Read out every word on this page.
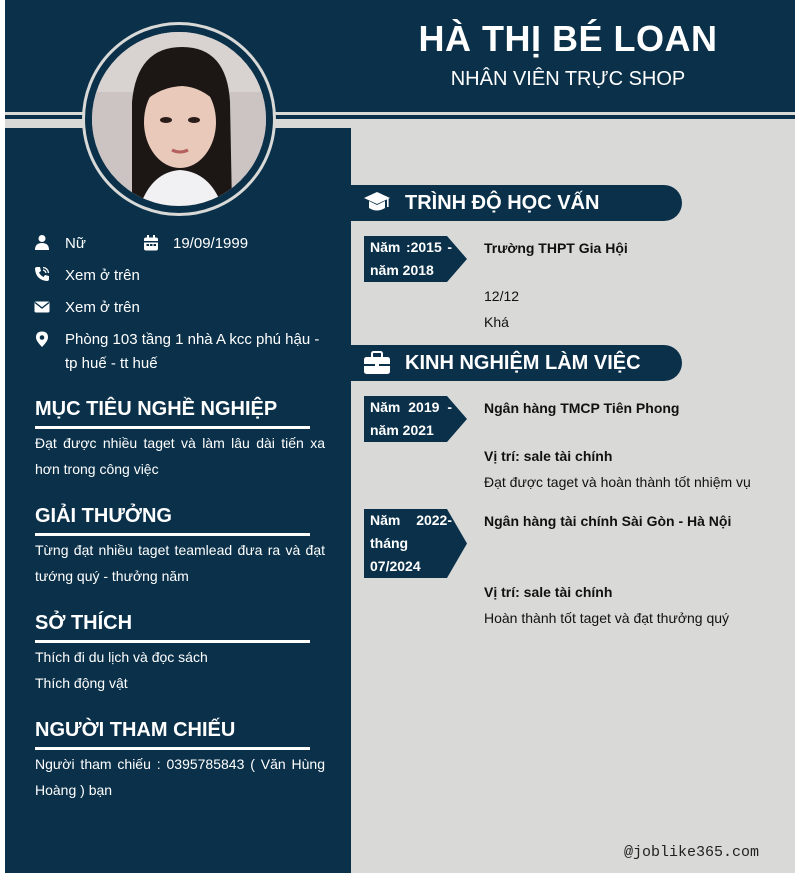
HÀ THỊ BÉ LOAN
NHÂN VIÊN TRỰC SHOP
Nữ	19/09/1999
Xem ở trên
Xem ở trên
Phòng 103 tầng 1 nhà A kcc phú hậu -
tp huế - tt huế
MỤC TIÊU NGHỀ NGHIỆP
Đạt được nhiều taget và làm lâu dài tiến xa hơn trong công việc
GIẢI THƯỞNG
Từng đạt nhiều taget teamlead đưa ra và đạt tướng quý - thưởng năm
SỞ THÍCH
Thích đi du lịch và đọc sách
Thích động vật
NGƯỜI THAM CHIẾU
Người tham chiếu : 0395785843 ( Văn Hùng Hoàng ) bạn
TRÌNH ĐỘ HỌC VẤN
Năm :2015 - năm 2018
Trường THPT Gia Hội
12/12
Khá
KINH NGHIỆM LÀM VIỆC
Năm 2019 - năm 2021
Ngân hàng TMCP Tiên Phong
Vị trí: sale tài chính
Đạt được taget và hoàn thành tốt nhiệm vụ
Năm 2022- tháng 07/2024
Ngân hàng tài chính Sài Gòn - Hà Nội
Vị trí: sale tài chính
Hoàn thành tốt taget và đạt thưởng quý
@joblike365.com
